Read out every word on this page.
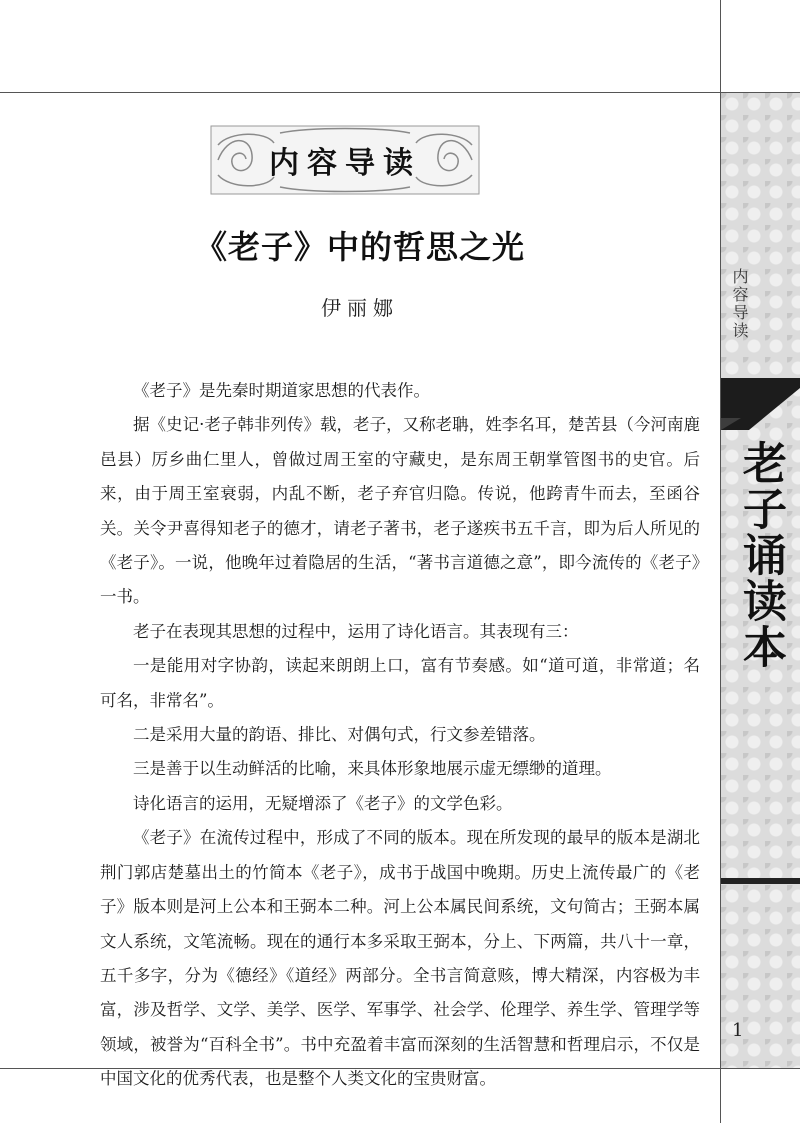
内容导读
老子诵读本
1
内容导读
《老子》中的哲思之光
伊丽娜

《老子》是先秦时期道家思想的代表作。

据《史记·老子韩非列传》载，老子，又称老聃，姓李名耳，楚苦县（今河南鹿邑县）厉乡曲仁里人，曾做过周王室的守藏史，是东周王朝掌管图书的史官。后来，由于周王室衰弱，内乱不断，老子弃官归隐。传说，他跨青牛而去，至函谷关。关令尹喜得知老子的德才，请老子著书，老子遂疾书五千言，即为后人所见的《老子》。一说，他晚年过着隐居的生活，“著书言道德之意”，即今流传的《老子》一书。

老子在表现其思想的过程中，运用了诗化语言。其表现有三：

一是能用对字协韵，读起来朗朗上口，富有节奏感。如“道可道，非常道；名可名，非常名”。

二是采用大量的韵语、排比、对偶句式，行文参差错落。

三是善于以生动鲜活的比喻，来具体形象地展示虚无缥缈的道理。

诗化语言的运用，无疑增添了《老子》的文学色彩。

《老子》在流传过程中，形成了不同的版本。现在所发现的最早的版本是湖北荆门郭店楚墓出土的竹简本《老子》，成书于战国中晚期。历史上流传最广的《老子》版本则是河上公本和王弼本二种。河上公本属民间系统，文句简古；王弼本属文人系统，文笔流畅。现在的通行本多采取王弼本，分上、下两篇，共八十一章，五千多字，分为《德经》《道经》两部分。全书言简意赅，博大精深，内容极为丰富，涉及哲学、文学、美学、医学、军事学、社会学、伦理学、养生学、管理学等领域，被誉为“百科全书”。书中充盈着丰富而深刻的生活智慧和哲理启示，不仅是中国文化的优秀代表，也是整个人类文化的宝贵财富。
